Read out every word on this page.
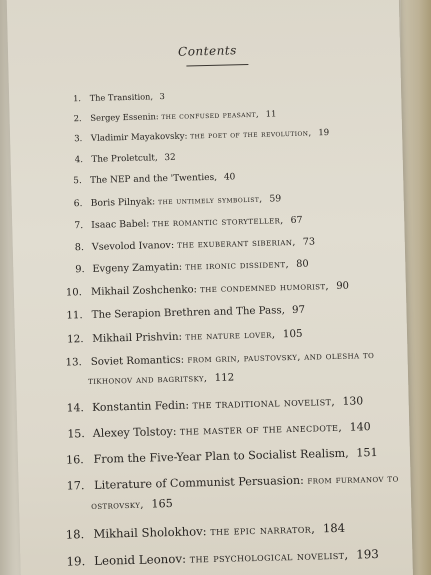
Contents
1. The Transition, 3
2. Sergey Essenin: the confused peasant, 11
3. Vladimir Mayakovsky: the poet of the revolution, 19
4. The Proletcult, 32
5. The NEP and the 'Twenties, 40
6. Boris Pilnyak: the untimely symbolist, 59
7. Isaac Babel: the romantic storyteller, 67
8. Vsevolod Ivanov: the exuberant siberian, 73
9. Evgeny Zamyatin: the ironic dissident, 80
10. Mikhail Zoshchenko: the condemned humorist, 90
11. The Serapion Brethren and The Pass, 97
12. Mikhail Prishvin: the nature lover, 105
13. Soviet Romantics: from grin, paustovsky, and olesha to
tikhonov and bagritsky, 112
14. Konstantin Fedin: the traditional novelist, 130
15. Alexey Tolstoy: the master of the anecdote, 140
16. From the Five-Year Plan to Socialist Realism, 151
17. Literature of Communist Persuasion: from furmanov to
ostrovsky, 165
18. Mikhail Sholokhov: the epic narrator, 184
19. Leonid Leonov: the psychological novelist, 193
